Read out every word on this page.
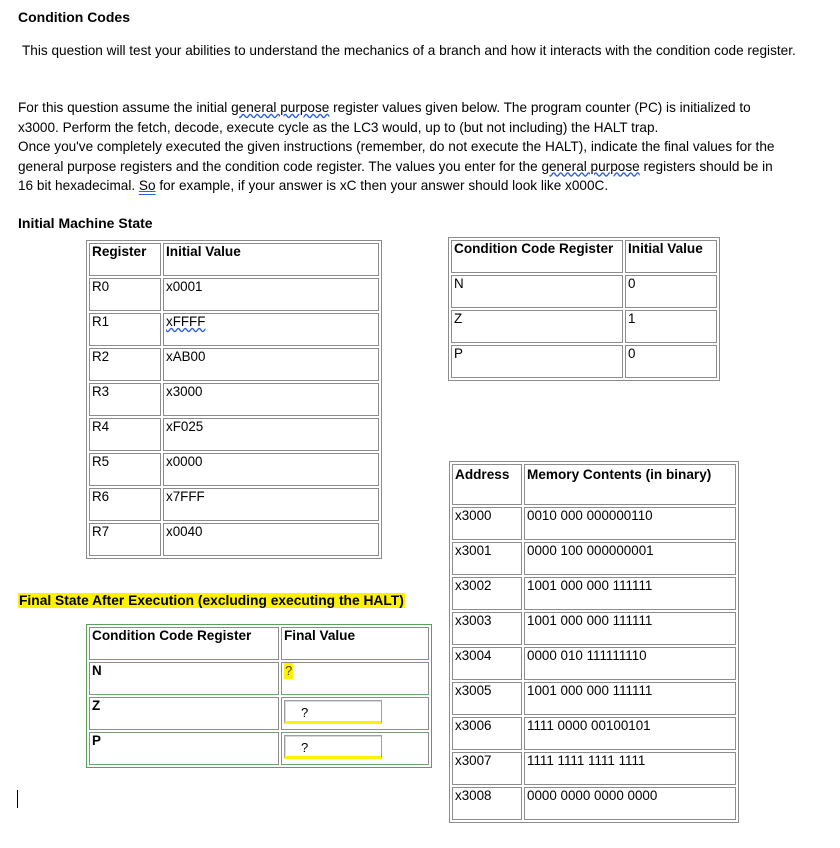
Condition Codes
This question will test your abilities to understand the mechanics of a branch and how it interacts with the condition code register.
For this question assume the initial general purpose register values given below. The program counter (PC) is initialized to
x3000. Perform the fetch, decode, execute cycle as the LC3 would, up to (but not including) the HALT trap.
Once you've completely executed the given instructions (remember, do not execute the HALT), indicate the final values for the
general purpose registers and the condition code register. The values you enter for the general purpose registers should be in
16 bit hexadecimal. So for example, if your answer is xC then your answer should look like x000C.
Initial Machine State
Register	Initial Value
R0	x0001
R1	xFFFF
R2	xAB00
R3	x3000
R4	xF025
R5	x0000
R6	x7FFF
R7	x0040
Condition Code Register	Initial Value
N	0
Z	1
P	0
Address	Memory Contents (in binary)
x3000	0010 000 000000110
x3001	0000 100 000000001
x3002	1001 000 000 111111
x3003	1001 000 000 111111
x3004	0000 010 111111110
x3005	1001 000 000 111111
x3006	1111 0000 00100101
x3007	1111 1111 1111 1111
x3008	0000 0000 0000 0000
Final State After Execution (excluding executing the HALT)
Condition Code Register	Final Value
N	?
Z	?
P	?
